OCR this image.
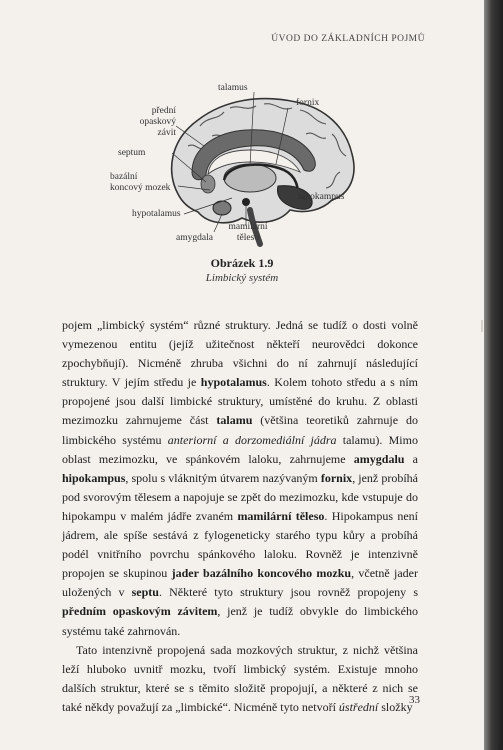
ÚVOD DO ZÁKLADNÍCH POJMŮ
talamus
fornix
přední
opaskový
závit
septum
bazální
koncový mozek
hipokampus
hypotalamus
mamilární
těleso
amygdala
Obrázek 1.9
Limbický systém

pojem „limbický systém“ různé struktury. Jedná se tudíž o dosti volně vymezenou entitu (jejíž užitečnost někteří neurovědci dokonce zpochybňují). Nicméně zhruba všichni do ní zahrnují následující struktury. V jejím středu je hypotalamus. Kolem tohoto středu a s ním propojené jsou další limbické struktury, umístěné do kruhu. Z oblasti mezimozku zahrnujeme část talamu (většina teoretiků zahrnuje do limbického systému anteriorní a dorzomediální jádra talamu). Mimo oblast mezimozku, ve spánkovém laloku, zahrnujeme amygdalu a hipokampus, spolu s vláknitým útvarem nazývaným fornix, jenž probíhá pod svorovým tělesem a napojuje se zpět do mezimozku, kde vstupuje do hipokampu v malém jádře zvaném mamilární těleso. Hipokampus není jádrem, ale spíše sestává z fylogeneticky starého typu kůry a probíhá podél vnitřního povrchu spánkového laloku. Rovněž je intenzivně propojen se skupinou jader bazálního koncového mozku, včetně jader uložených v septu. Některé tyto struktury jsou rovněž propojeny s předním opaskovým závitem, jenž je tudíž obvykle do limbického systému také zahrnován.

Tato intenzivně propojená sada mozkových struktur, z nichž většina leží hluboko uvnitř mozku, tvoří limbický systém. Existuje mnoho dalších struktur, které se s těmito složitě propojují, a některé z nich se také někdy považují za „limbické“. Nicméně tyto netvoří ústřední složky

33
